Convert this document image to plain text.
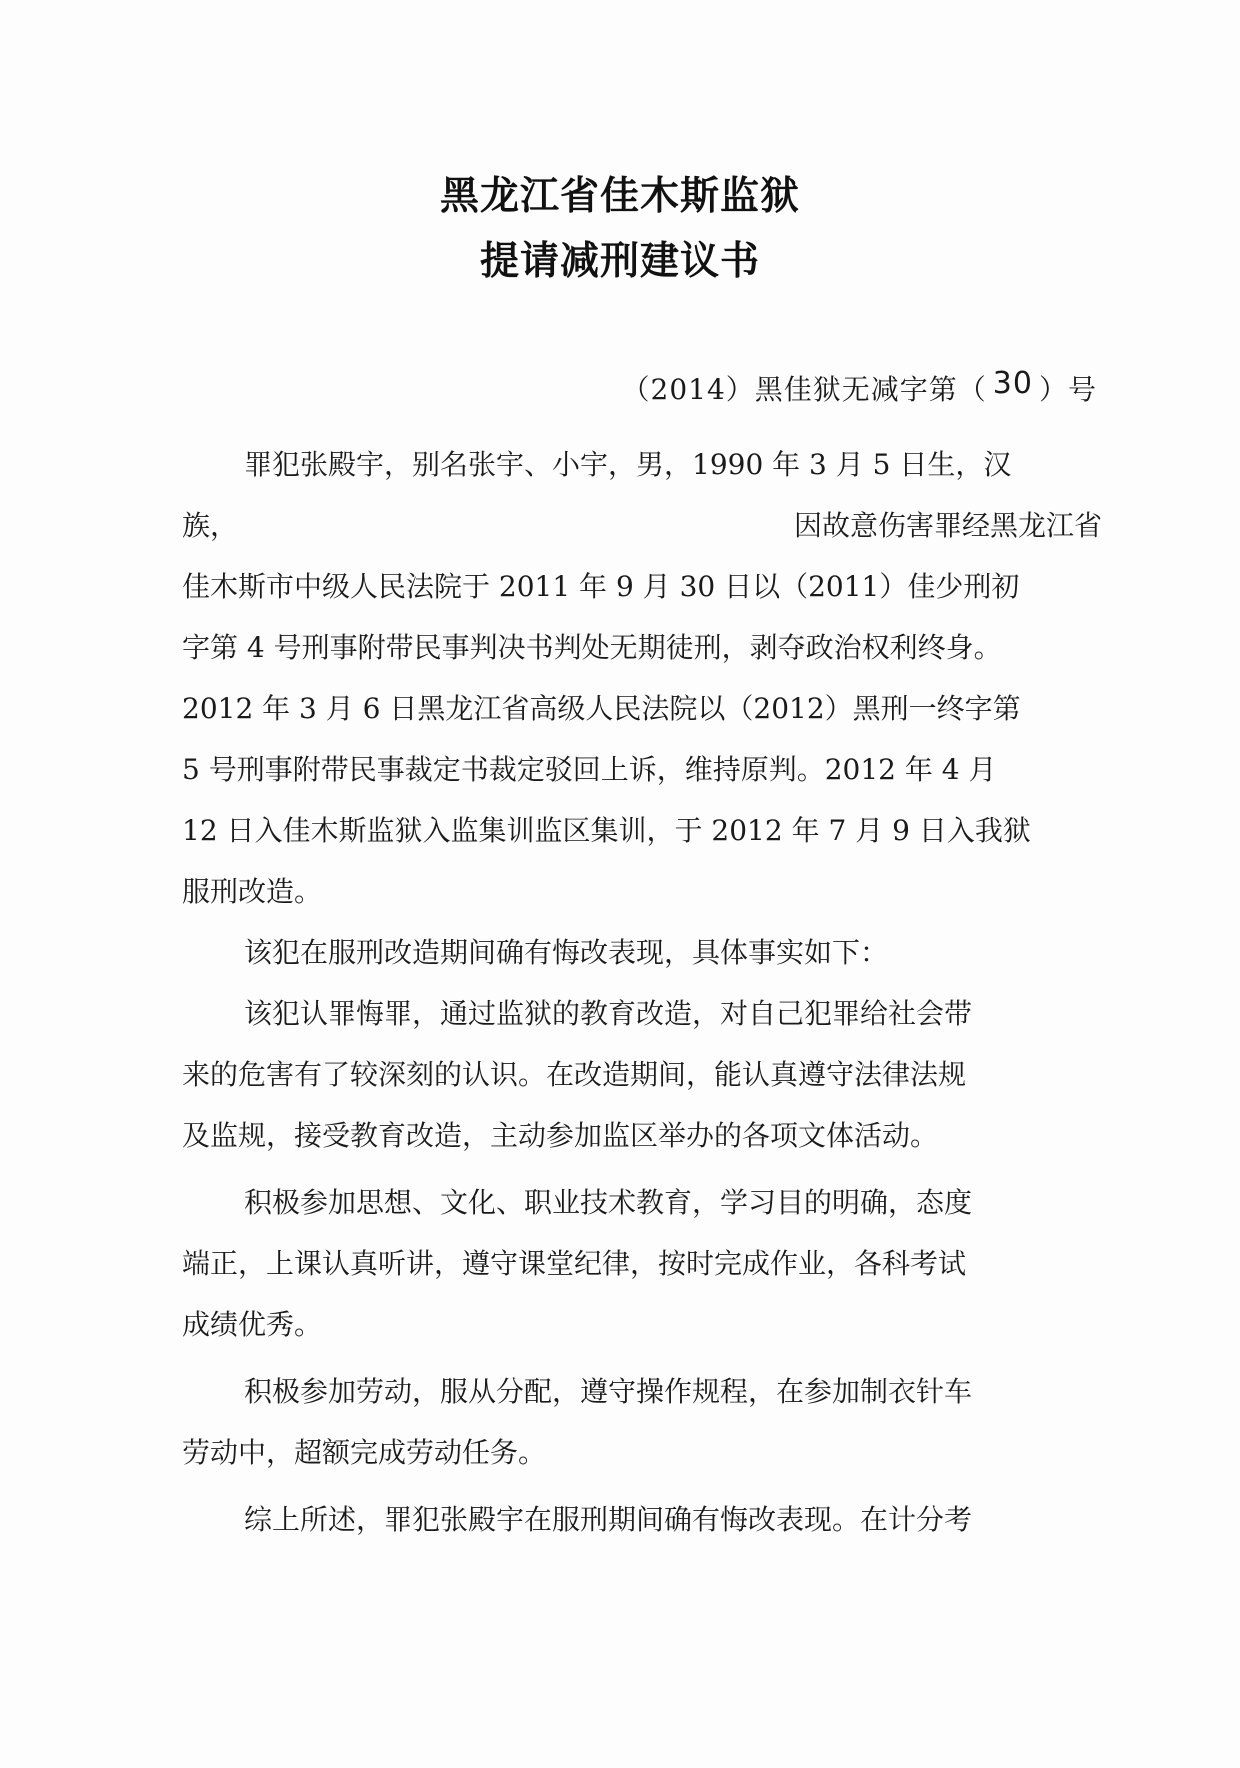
黑龙江省佳木斯监狱
提请减刑建议书
（2014）黑佳狱无减字第（ 30 ）号
罪犯张殿宇，别名张宇、小宇，男，1990 年 3 月 5 日生，汉
族，	因故意伤害罪经黑龙江省
佳木斯市中级人民法院于 2011 年 9 月 30 日以（2011）佳少刑初
字第 4 号刑事附带民事判决书判处无期徒刑，剥夺政治权利终身。
2012 年 3 月 6 日黑龙江省高级人民法院以（2012）黑刑一终字第
5 号刑事附带民事裁定书裁定驳回上诉，维持原判。2012 年 4 月
12 日入佳木斯监狱入监集训监区集训，于 2012 年 7 月 9 日入我狱
服刑改造。
该犯在服刑改造期间确有悔改表现，具体事实如下：
该犯认罪悔罪，通过监狱的教育改造，对自己犯罪给社会带
来的危害有了较深刻的认识。在改造期间，能认真遵守法律法规
及监规，接受教育改造，主动参加监区举办的各项文体活动。
积极参加思想、文化、职业技术教育，学习目的明确，态度
端正，上课认真听讲，遵守课堂纪律，按时完成作业，各科考试
成绩优秀。
积极参加劳动，服从分配，遵守操作规程，在参加制衣针车
劳动中，超额完成劳动任务。
综上所述，罪犯张殿宇在服刑期间确有悔改表现。在计分考
